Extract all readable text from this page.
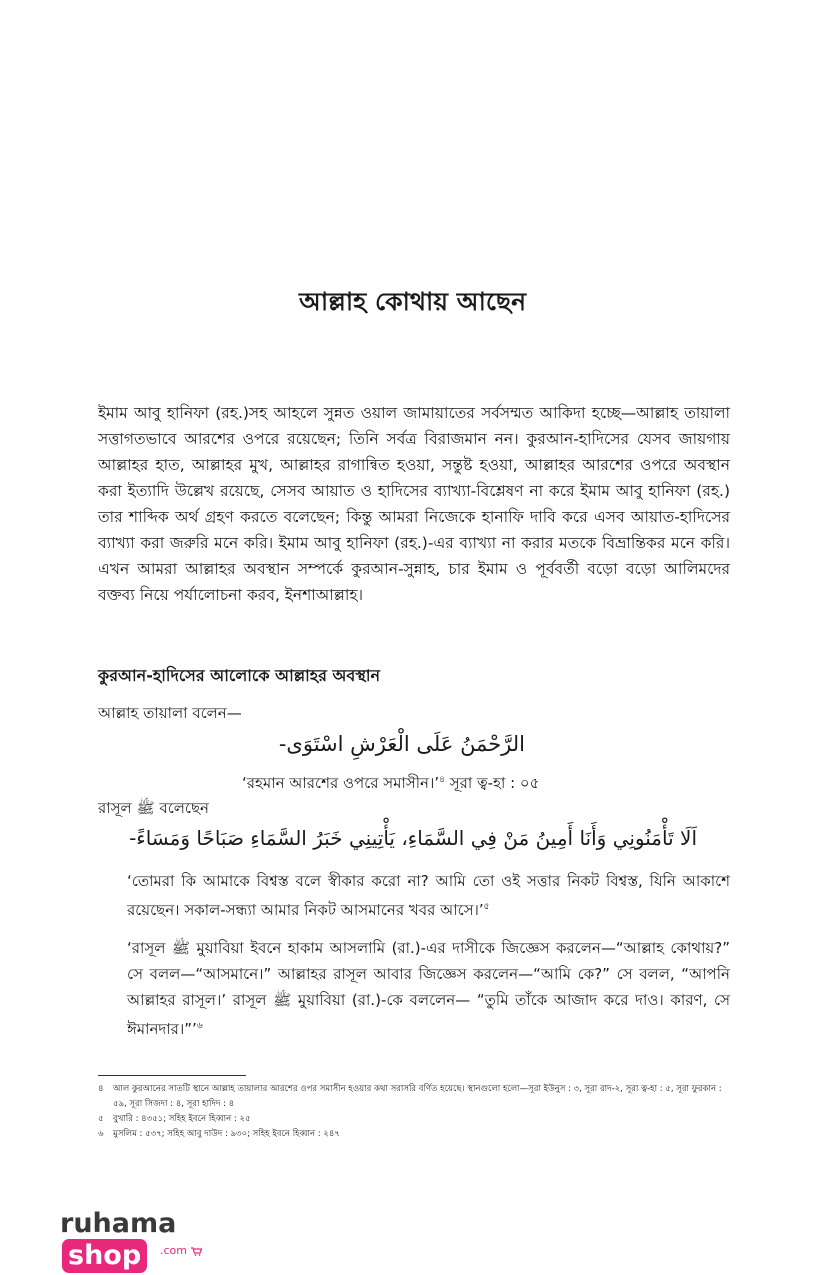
আল্লাহ কোথায় আছেন

ইমাম আবু হানিফা (রহ.)সহ আহলে সুন্নত ওয়াল জামায়াতের সর্বসম্মত আকিদা হচ্ছে—আল্লাহ তায়ালা সত্তাগতভাবে আরশের ওপরে রয়েছেন; তিনি সর্বত্র বিরাজমান নন। কুরআন-হাদিসের যেসব জায়গায় আল্লাহর হাত, আল্লাহর মুখ, আল্লাহর রাগান্বিত হওয়া, সন্তুষ্ট হওয়া, আল্লাহর আরশের ওপরে অবস্থান করা ইত্যাদি উল্লেখ রয়েছে, সেসব আয়াত ও হাদিসের ব্যাখ্যা-বিশ্লেষণ না করে ইমাম আবু হানিফা (রহ.) তার শাব্দিক অর্থ গ্রহণ করতে বলেছেন; কিন্তু আমরা নিজেকে হানাফি দাবি করে এসব আয়াত-হাদিসের ব্যাখ্যা করা জরুরি মনে করি। ইমাম আবু হানিফা (রহ.)-এর ব্যাখ্যা না করার মতকে বিভ্রান্তিকর মনে করি। এখন আমরা আল্লাহর অবস্থান সম্পর্কে কুরআন-সুন্নাহ, চার ইমাম ও পূর্ববর্তী বড়ো বড়ো আলিমদের বক্তব্য নিয়ে পর্যালোচনা করব, ইনশাআল্লাহ।

কুরআন-হাদিসের আলোকে আল্লাহর অবস্থান

আল্লাহ তায়ালা বলেন—

الرَّحْمَنُ عَلَى الْعَرْشِ اسْتَوَى-

‘রহমান আরশের ওপরে সমাসীন।’$^৪$ সূরা ত্ব-হা : ০৫

রাসূল ﷺ বলেছেন

اَلَا تَأْمَنُونِي وَأَنَا أَمِينُ مَنْ فِي السَّمَاءِ، يَأْتِينِي خَبَرُ السَّمَاءِ صَبَاحًا وَمَسَاءً-

‘তোমরা কি আমাকে বিশ্বস্ত বলে স্বীকার করো না? আমি তো ওই সত্তার নিকট বিশ্বস্ত, যিনি আকাশে রয়েছেন। সকাল-সন্ধ্যা আমার নিকট আসমানের খবর আসে।’$^৫$

‘রাসূল ﷺ মুয়াবিয়া ইবনে হাকাম আসলামি (রা.)-এর দাসীকে জিজ্ঞেস করলেন—“আল্লাহ কোথায়?” সে বলল—“আসমানে।” আল্লাহর রাসূল আবার জিজ্ঞেস করলেন—“আমি কে?” সে বলল, “আপনি আল্লাহর রাসূল।’ রাসূল ﷺ মুয়াবিয়া (রা.)-কে বললেন— “তুমি তাঁকে আজাদ করে দাও। কারণ, সে ঈমানদার।”’$^৬$

৪	আল কুরআনের সাতটি স্থানে আল্লাহ তায়ালার আরশের ওপর সমাসীন হওয়ার কথা সরাসরি বর্ণিত হয়েছে। স্থানগুলো হলো—সূরা ইউনুস : ৩, সূরা রাদ-২, সূরা ত্ব-হা : ৫, সূরা ফুরকান : ৫৯, সূরা সিজদা : ৪, সূরা হাদিদ : ৪
৫	বুখারি : ৪৩৫১; সহিহ ইবনে হিব্বান : ২৫
৬	মুসলিম : ৫৩৭; সহিহ আবু দাউদ : ৯৩০; সহিহ ইবনে হিব্বান : ২৪৭
ruhamashop	.com
